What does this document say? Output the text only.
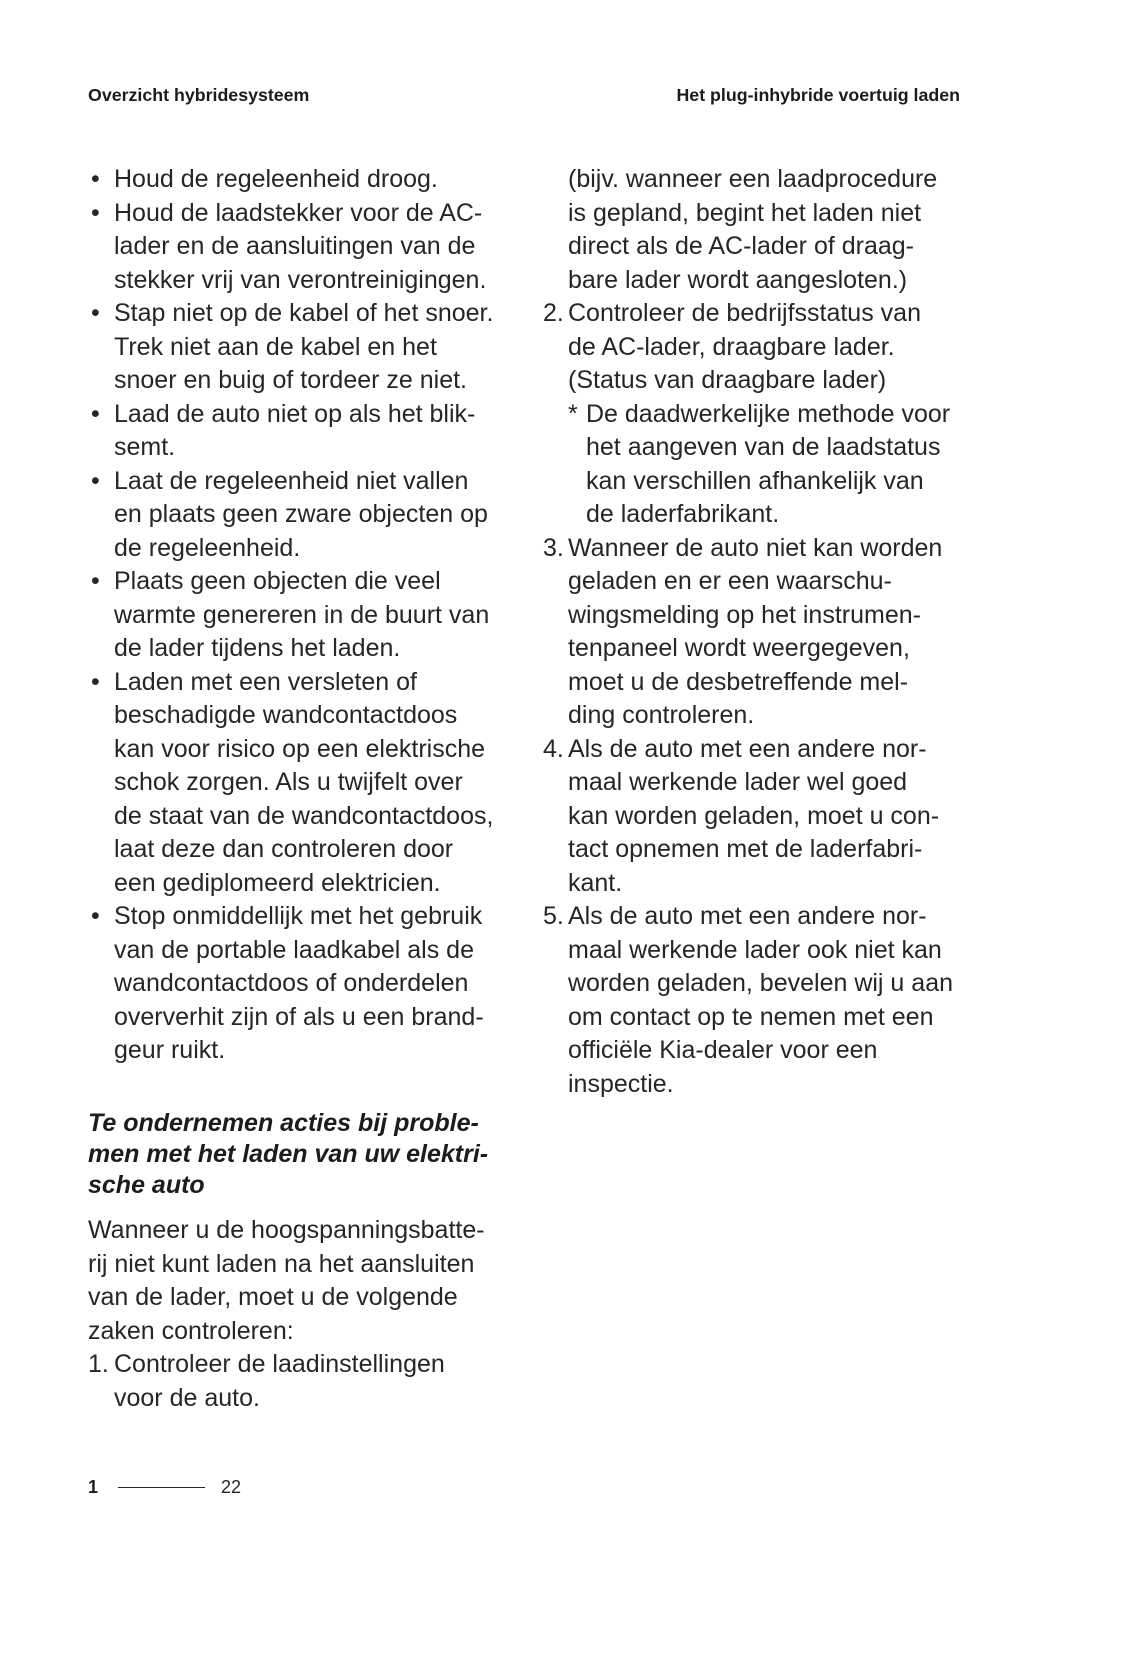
Overzicht hybridesysteem	Het plug-inhybride voertuig laden
• Houd de regeleenheid droog.
• Houd de laadstekker voor de AC-
lader en de aansluitingen van de
stekker vrij van verontreinigingen.
• Stap niet op de kabel of het snoer.
Trek niet aan de kabel en het
snoer en buig of tordeer ze niet.
• Laad de auto niet op als het blik-
semt.
• Laat de regeleenheid niet vallen
en plaats geen zware objecten op
de regeleenheid.
• Plaats geen objecten die veel
warmte genereren in de buurt van
de lader tijdens het laden.
• Laden met een versleten of
beschadigde wandcontactdoos
kan voor risico op een elektrische
schok zorgen. Als u twijfelt over
de staat van de wandcontactdoos,
laat deze dan controleren door
een gediplomeerd elektricien.
• Stop onmiddellijk met het gebruik
van de portable laadkabel als de
wandcontactdoos of onderdelen
oververhit zijn of als u een brand-
geur ruikt.
Te ondernemen acties bij proble-
men met het laden van uw elektri-
sche auto

Wanneer u de hoogspanningsbatte-
rij niet kunt laden na het aansluiten
van de lader, moet u de volgende
zaken controleren:

1. Controleer de laadinstellingen
voor de auto.
(bijv. wanneer een laadprocedure
is gepland, begint het laden niet
direct als de AC-lader of draag-
bare lader wordt aangesloten.)
2. Controleer de bedrijfsstatus van
de AC-lader, draagbare lader.
(Status van draagbare lader)
* De daadwerkelijke methode voor
het aangeven van de laadstatus
kan verschillen afhankelijk van
de laderfabrikant.
3. Wanneer de auto niet kan worden
geladen en er een waarschu-
wingsmelding op het instrumen-
tenpaneel wordt weergegeven,
moet u de desbetreffende mel-
ding controleren.
4. Als de auto met een andere nor-
maal werkende lader wel goed
kan worden geladen, moet u con-
tact opnemen met de laderfabri-
kant.
5. Als de auto met een andere nor-
maal werkende lader ook niet kan
worden geladen, bevelen wij u aan
om contact op te nemen met een
officiële Kia-dealer voor een
inspectie.
1	22
